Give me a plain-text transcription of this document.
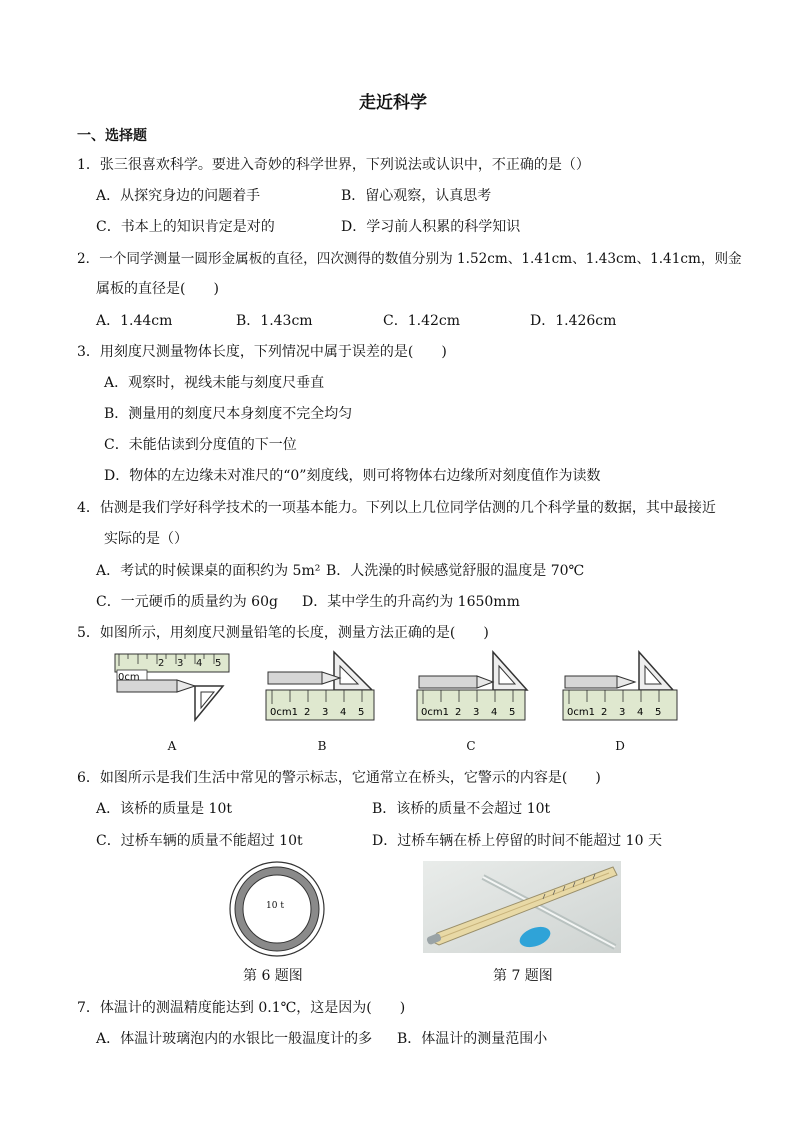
走近科学
一、选择题
1．张三很喜欢科学。要进入奇妙的科学世界，下列说法或认识中，不正确的是（）
A．从探究身边的问题着手	B．留心观察，认真思考
C．书本上的知识肯定是对的	D．学习前人积累的科学知识
2．一个同学测量一圆形金属板的直径，四次测得的数值分别为 1.52cm、1.41cm、1.43cm、1.41cm，则金
属板的直径是(　　)
A．1.44cm	B．1.43cm	C．1.42cm	D．1.426cm
3．用刻度尺测量物体长度，下列情况中属于误差的是(　　)
A．观察时，视线未能与刻度尺垂直
B．测量用的刻度尺本身刻度不完全均匀
C．未能估读到分度值的下一位
D．物体的左边缘未对准尺的“0”刻度线，则可将物体右边缘所对刻度值作为读数
4．估测是我们学好科学技术的一项基本能力。下列以上几位同学估测的几个科学量的数据，其中最接近
实际的是（）
A．考试的时候课桌的面积约为 5m² B．人洗澡的时候感觉舒服的温度是 70℃
C．一元硬币的质量约为 60g D．某中学生的升高约为 1650mm
5．如图所示，用刻度尺测量铅笔的长度，测量方法正确的是(　　)
0cm
2 3 4 5
0cm1 2 3 4 5	0cm1 2 3 4 5	0cm1 2 3 4 5
A	B	C	D
6．如图所示是我们生活中常见的警示标志，它通常立在桥头，它警示的内容是(　　)
A．该桥的质量是 10t	B．该桥的质量不会超过 10t
C．过桥车辆的质量不能超过 10t	D．过桥车辆在桥上停留的时间不能超过 10 天
10 t
第 6 题图	第 7 题图
7．体温计的测温精度能达到 0.1℃，这是因为(　　)
A．体温计玻璃泡内的水银比一般温度计的多 B．体温计的测量范围小
